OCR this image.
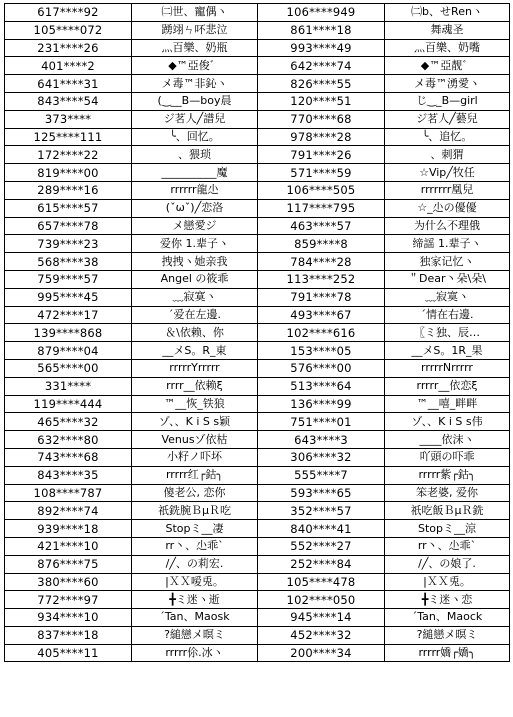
617****92	㈡世、寵偶ヽ	106****949	㈡b、せRenヽ
105****072	踴翊ㄣ吥悲泣	861****18	舞魂圣
231****26	灬百樂、奶瓶	993****49	灬百樂、奶嘴
401****2	◆™亞俊゛	642****74	◆™亞靓゛
641****31	メ毒™非鈊ヽ	826****55	メ毒™湧愛ヽ
843****54	(‿__B—boy晨	120****51	じ‿_B—girl
373****	ジ茗人╱譜兒	770****68	ジ茗人╱藝兒
125****111	╰、回忆。	978****28	╰、追忆。
172****22	、猥琐	791****26	、刺猬
819****00	__________魔	571****59	☆Vip╱牧任
289****16	rrrrrr龍尐	106****505	rrrrrrr凰兒
615****57	(ˇωˇ)╱恋洛	117****795	☆_尐の優優
657****78	メ戀愛ジ	463****57	为什么不理俄
739****23	爱你 1.辈子ヽ	859****8	缔謡 1.辈子ヽ
568****38	拽拽ヽ她亲我	784****28	独家记忆ヽ
759****57	Angel の筱乖	113****252	＂Dear丶朵\朵\
995****45	﹏寂寞ヽ	791****78	﹏寂寞ヽ
472****17	ˊ爱在左邊.	493****67	ˊ情在右邊.
139****868	＆\依赖、你	102****616	〖ミ独、辰…
879****04	__メS。R_東	153****05	__メS。1R_果
565****00	rrrrrYrrrrr	576****00	rrrrrNrrrrr
331****	rrrr__依赖ξ	513****64	rrrrr__依恋ξ
119****444	™__恢_铁狼	136****99	™__嘻_畔畔
465****32	ゾ、、K i S s颖	751****01	ゾ、、K i S s伟
632****80	Venusゾ依枯	643****3	____依沫ヽ
743****68	小籽ノ吓坏	306****32	吖頭の吓乖
843****35	rrrrr红┌鈷╮	555****7	rrrrr紫┌鈷╮
108****787	傻老公, 恋你	593****65	笨老婆, 爱你
892****74	祇銑腕ＢμＲ吃	352****57	祇吃飯ＢμＲ銑
939****18	Stopミ__凄	840****41	Stopミ__涼
421****10	rr丶、尐乖ˋ	552****27	rr丶、尐乖ˋ
876****75	/╱、の莉宏.	252****84	/╱、の娘了.
380****60	|ＸＸ嗳兎。	105****478	|ＸＸ兎。
772****97	╋ミ迷ヽ逝	102****050	╋ミ迷ヽ恋
934****10	ˊTan、Maosk	945****14	ˊTan、Maock
837****18	?縋戀メ暝ミ	452****32	?縋戀メ暝ミ
405****11	rrrrr伱.冰ヽ	200****34	rrrrr嬌┌嬌╮
